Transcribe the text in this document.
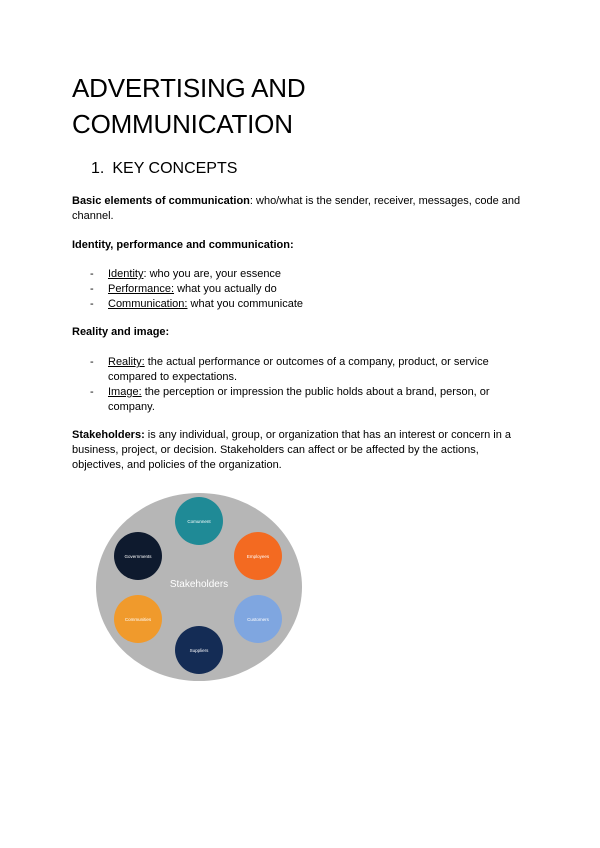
ADVERTISING AND COMMUNICATION
1. KEY CONCEPTS

Basic elements of communication: who/what is the sender, receiver, messages, code and channel.

Identity, performance and communication:

- Identity: who you are, your essence
- Performance: what you actually do
- Communication: what you communicate

Reality and image:

- Reality: the actual performance or outcomes of a company, product, or service compared to expectations.
- Image: the perception or impression the public holds about a brand, person, or company.

Stakeholders: is any individual, group, or organization that has an interest or concern in a business, project, or decision. Stakeholders can affect or be affected by the actions, objectives, and policies of the organization.

Stakeholders
Comunnent
Employees
Customers
Suppliers
Communities
Governments
